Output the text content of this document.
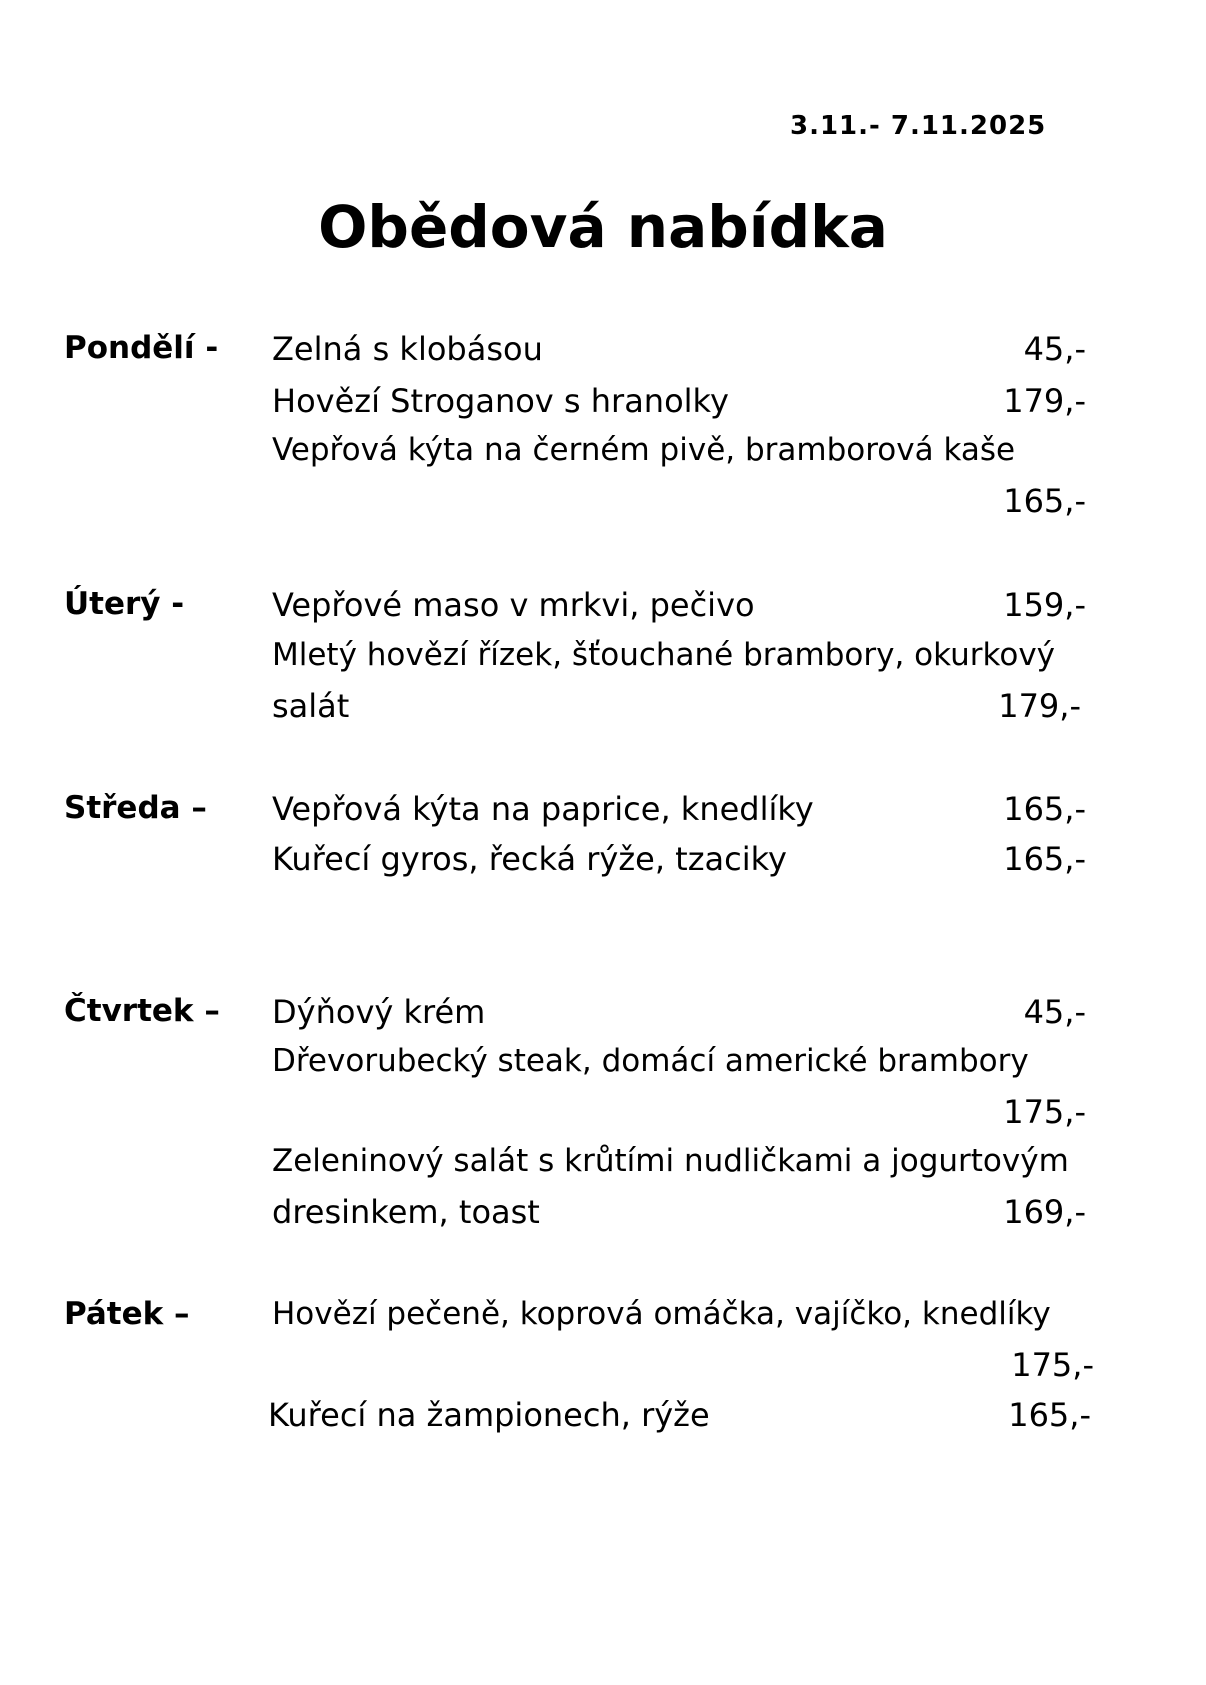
3.11.- 7.11.2025
Obědová nabídka
Pondělí - Zelná s klobásou	45,-
Hovězí Stroganov s hranolky	179,-
Vepřová kýta na černém pivě, bramborová kaše
165,-
Úterý -	Vepřové maso v mrkvi, pečivo	159,-
Mletý hovězí řízek, šťouchané brambory, okurkový
salát	179,-
Středa – Vepřová kýta na paprice, knedlíky	165,-
Kuřecí gyros, řecká rýže, tzaciky	165,-
Čtvrtek – Dýňový krém	45,-
Dřevorubecký steak, domácí americké brambory
175,-
Zeleninový salát s krůtími nudličkami a jogurtovým
dresinkem, toast	169,-
Pátek –	Hovězí pečeně, koprová omáčka, vajíčko, knedlíky
175,-
Kuřecí na žampionech, rýže	165,-
